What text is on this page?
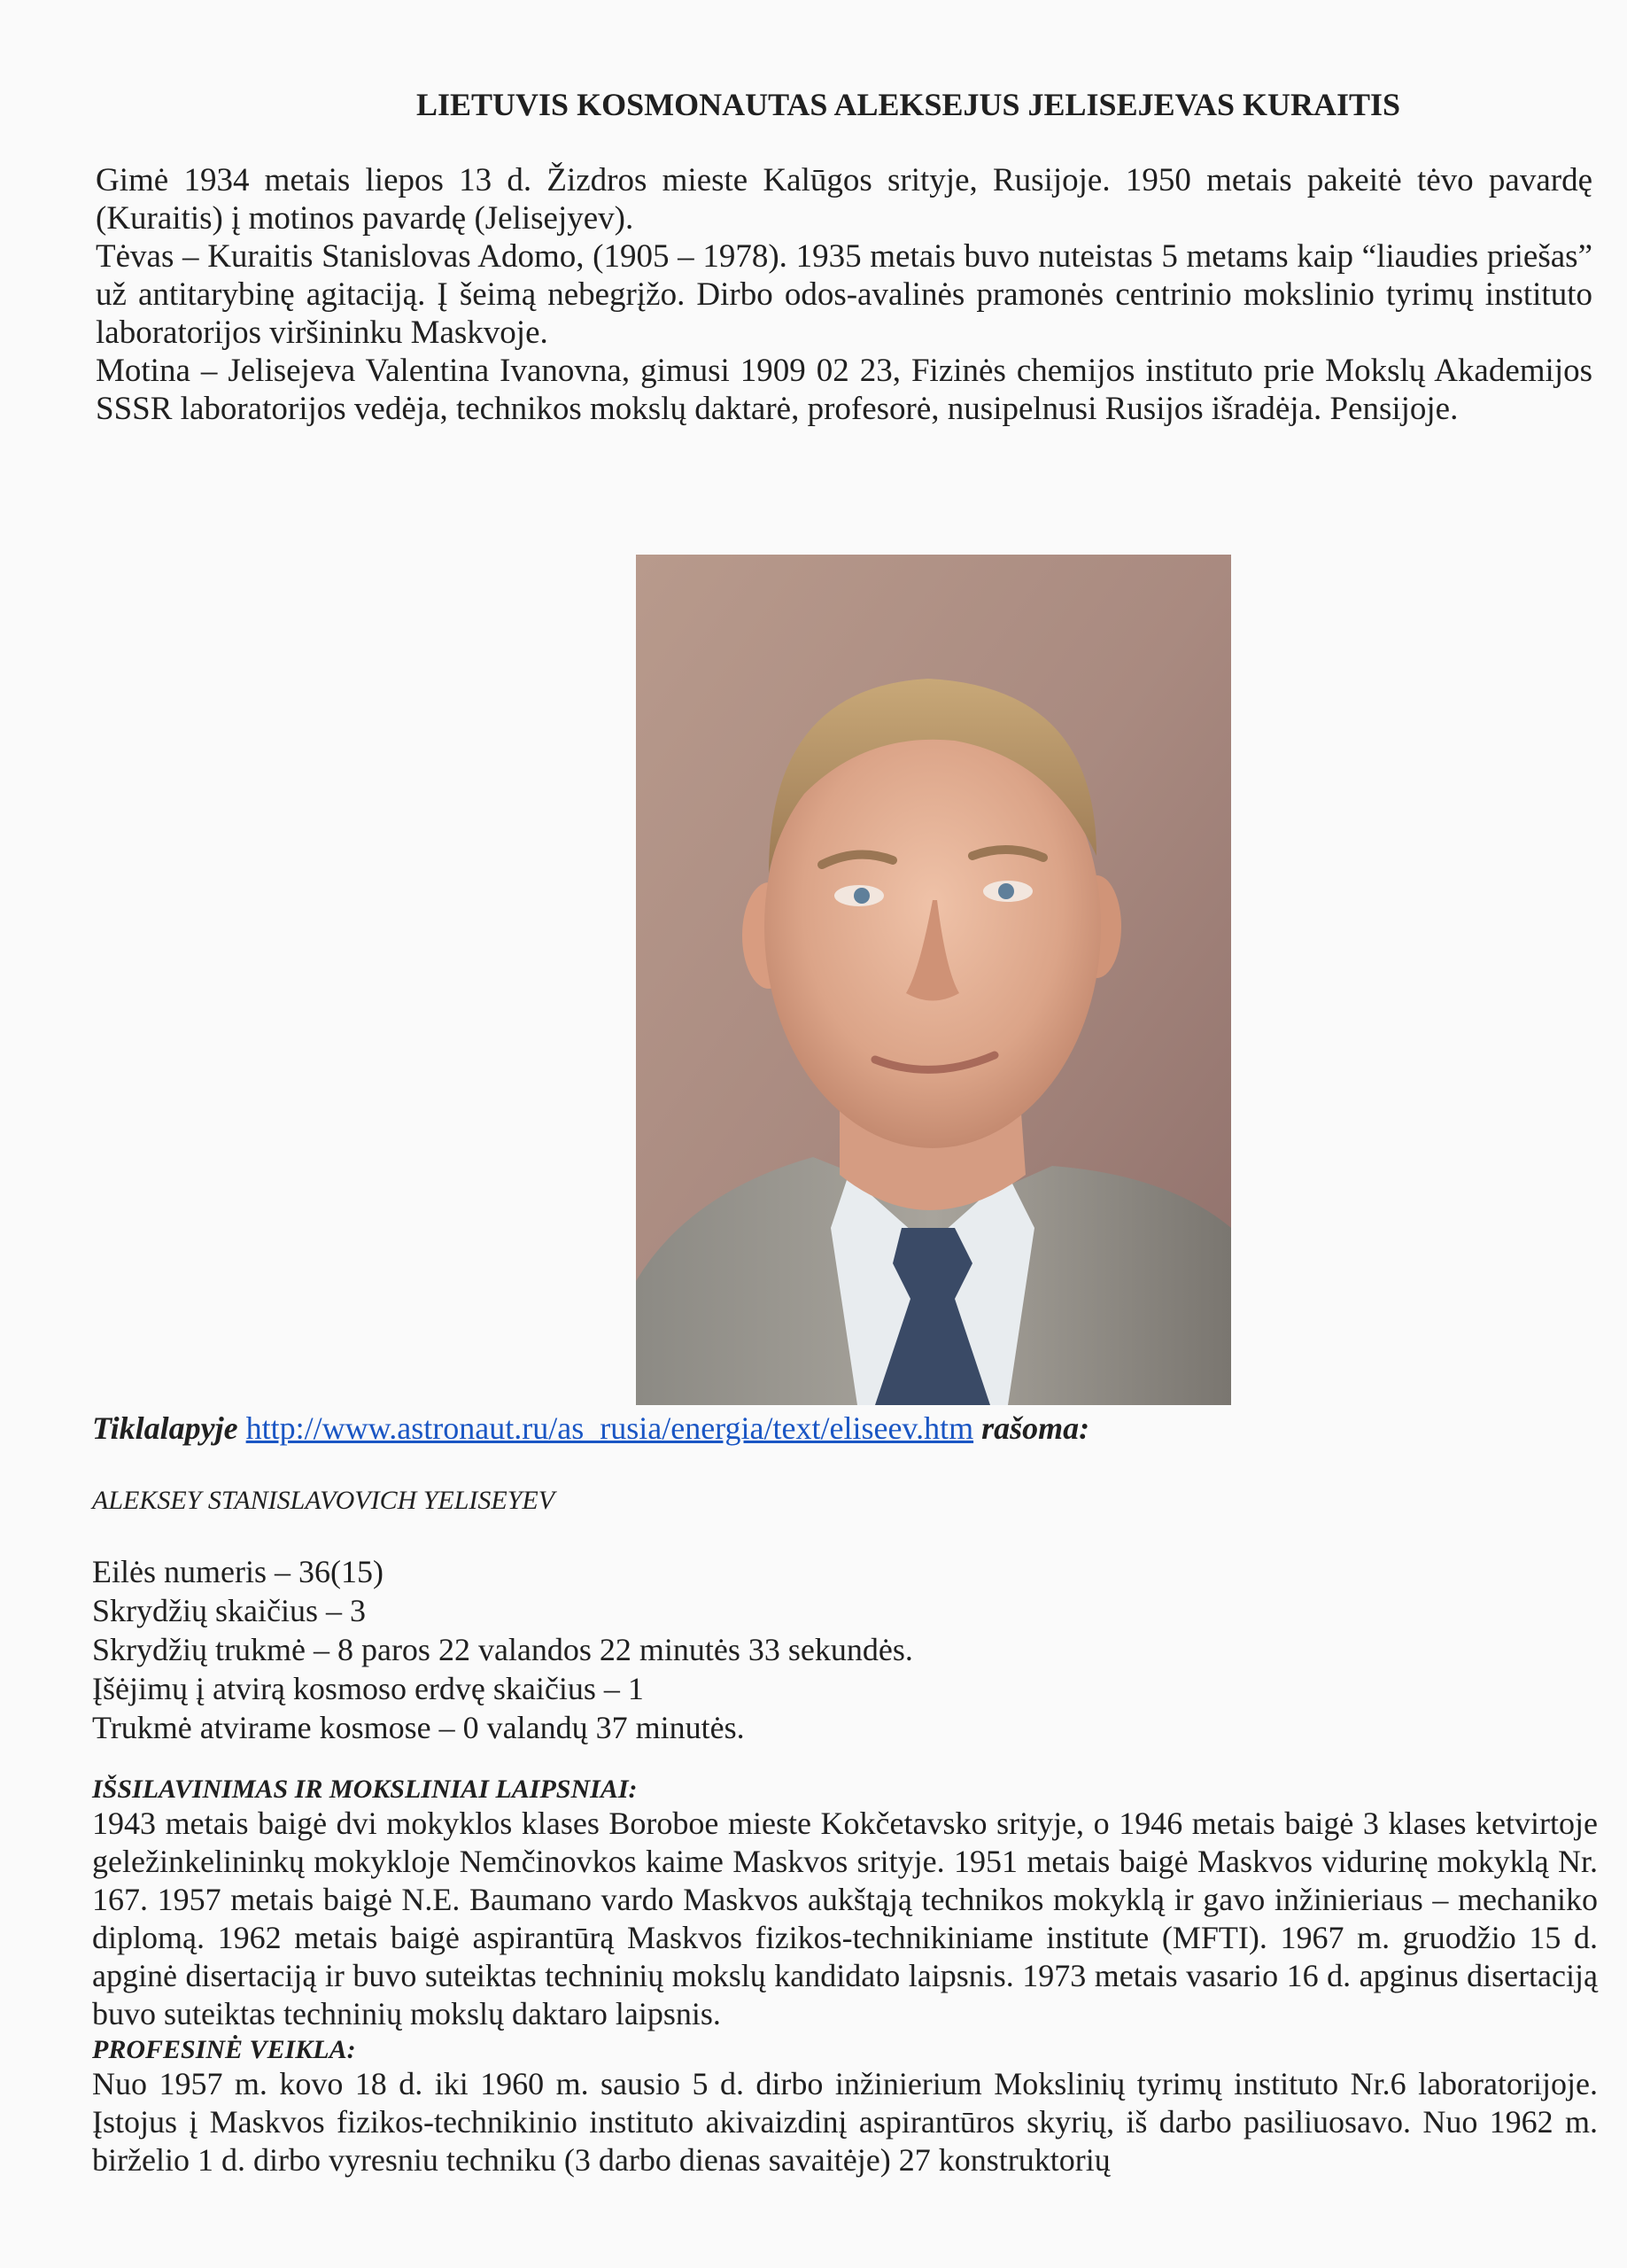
LIETUVIS KOSMONAUTAS ALEKSEJUS JELISEJEVAS KURAITIS

Gimė 1934 metais liepos 13 d. Žizdros mieste Kalūgos srityje, Rusijoje. 1950 metais pakeitė tėvo pavardę (Kuraitis) į motinos pavardę (Jelisejyev).

Tėvas – Kuraitis Stanislovas Adomo, (1905 – 1978). 1935 metais buvo nuteistas 5 metams kaip “liaudies priešas” už antitarybinę agitaciją. Į šeimą nebegrįžo. Dirbo odos-avalinės pramonės centrinio mokslinio tyrimų instituto laboratorijos viršininku Maskvoje.

Motina – Jelisejeva Valentina Ivanovna, gimusi 1909 02 23, Fizinės chemijos instituto prie Mokslų Akademijos SSSR laboratorijos vedėja, technikos mokslų daktarė, profesorė, nusipelnusi Rusijos išradėja. Pensijoje.

Tiklalapyje http://www.astronaut.ru/as_rusia/energia/text/eliseev.htm rašoma:
ALEKSEY STANISLAVOVICH YELISEYEV
Eilės numeris – 36(15)
Skrydžių skaičius – 3
Skrydžių trukmė – 8 paros 22 valandos 22 minutės 33 sekundės.
Įšėjimų į atvirą kosmoso erdvę skaičius – 1
Trukmė atvirame kosmose – 0 valandų 37 minutės.
IŠSILAVINIMAS IR MOKSLINIAI LAIPSNIAI:

1943 metais baigė dvi mokyklos klases Boroboe mieste Kokčetavsko srityje, o 1946 metais baigė 3 klases ketvirtoje geležinkelininkų mokykloje Nemčinovkos kaime Maskvos srityje. 1951 metais baigė Maskvos vidurinę mokyklą Nr. 167. 1957 metais baigė N.E. Baumano vardo Maskvos aukštąją technikos mokyklą ir gavo inžinieriaus – mechaniko diplomą. 1962 metais baigė aspirantūrą Maskvos fizikos-technikiniame institute (MFTI). 1967 m. gruodžio 15 d. apginė disertaciją ir buvo suteiktas techninių mokslų kandidato laipsnis. 1973 metais vasario 16 d. apginus disertaciją buvo suteiktas techninių mokslų daktaro laipsnis.

PROFESINĖ VEIKLA:

Nuo 1957 m. kovo 18 d. iki 1960 m. sausio 5 d. dirbo inžinierium Mokslinių tyrimų instituto Nr.6 laboratorijoje. Įstojus į Maskvos fizikos-technikinio instituto akivaizdinį aspirantūros skyrių, iš darbo pasiliuosavo. Nuo 1962 m. birželio 1 d. dirbo vyresniu techniku (3 darbo dienas savaitėje) 27 konstruktorių
